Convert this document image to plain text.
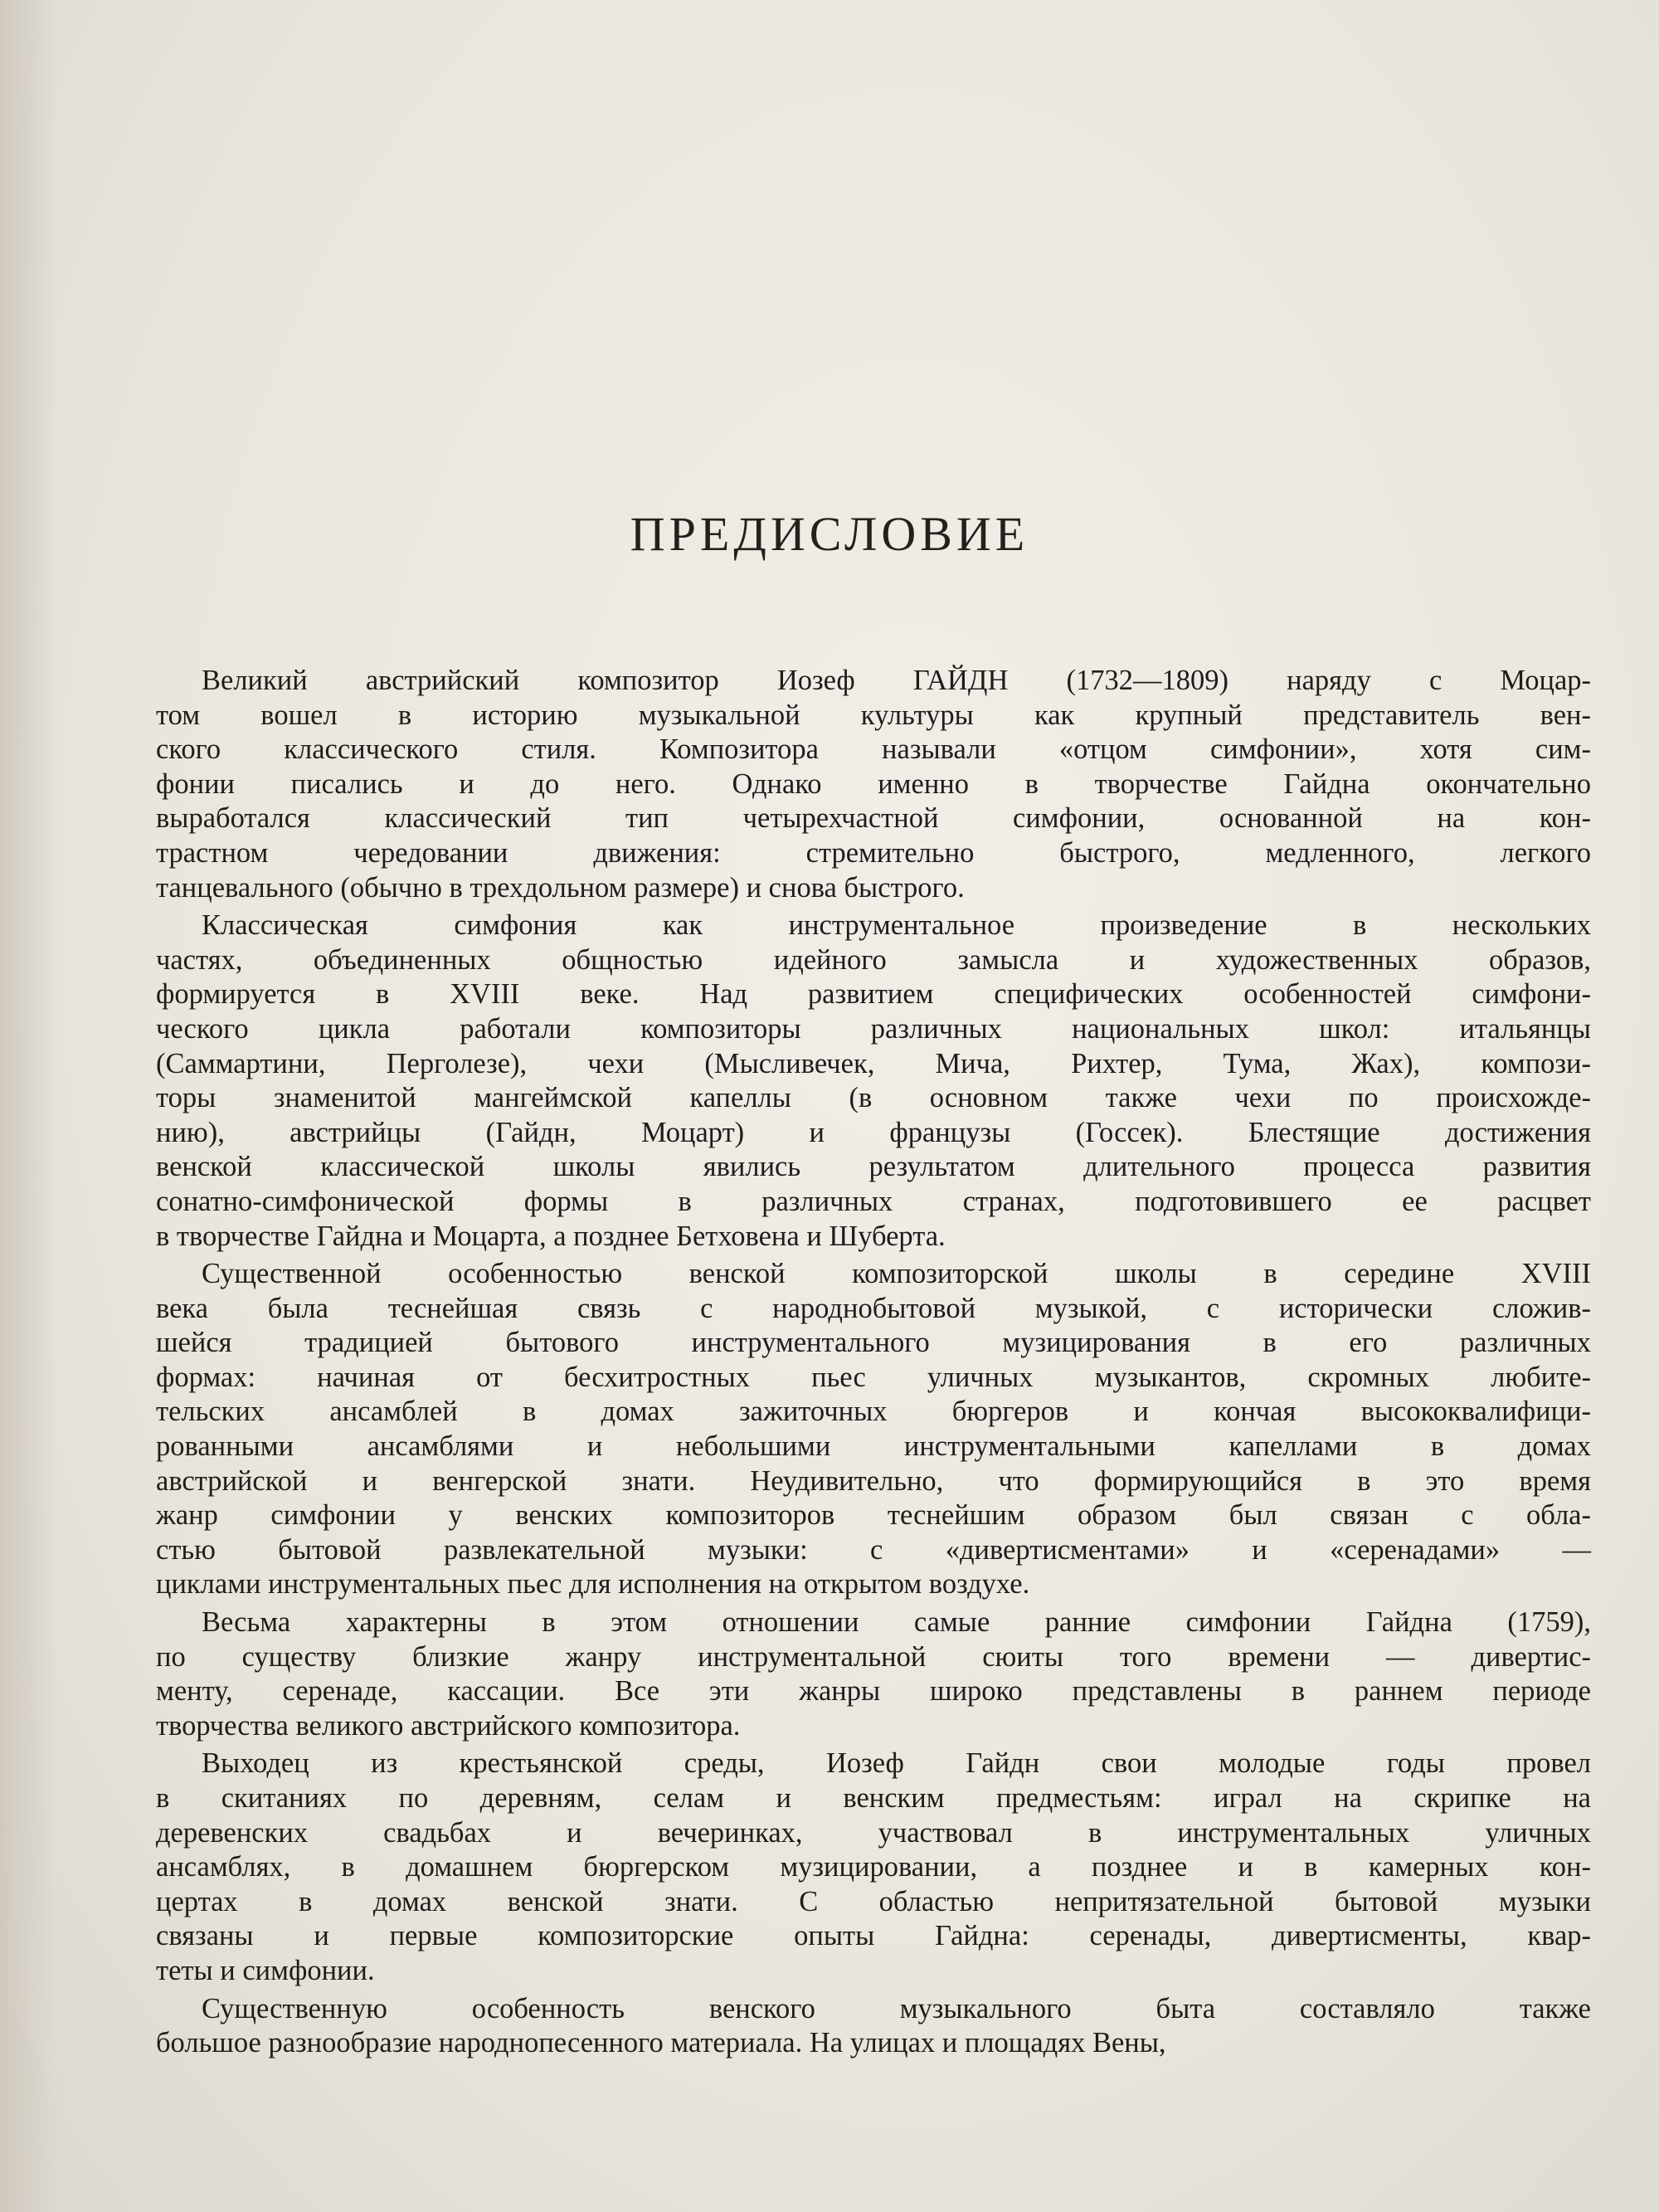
ПРЕДИСЛОВИЕ
Великий австрийский композитор Иозеф ГАЙДН (1732—1809) наряду с Моцар-
том вошел в историю музыкальной культуры как крупный представитель вен-
ского классического стиля. Композитора называли «отцом симфонии», хотя сим-
фонии писались и до него. Однако именно в творчестве Гайдна окончательно
выработался классический тип четырехчастной симфонии, основанной на кон-
трастном чередовании движения: стремительно быстрого, медленного, легкого
танцевального (обычно в трехдольном размере) и снова быстрого.
Классическая симфония как инструментальное произведение в нескольких
частях, объединенных общностью идейного замысла и художественных образов,
формируется в XVIII веке. Над развитием специфических особенностей симфони-
ческого цикла работали композиторы различных национальных школ: итальянцы
(Саммартини, Перголезе), чехи (Мысливечек, Мича, Рихтер, Тума, Жах), компози-
торы знаменитой мангеймской капеллы (в основном также чехи по происхожде-
нию), австрийцы (Гайдн, Моцарт) и французы (Госсек). Блестящие достижения
венской классической школы явились результатом длительного процесса развития
сонатно-симфонической формы в различных странах, подготовившего ее расцвет
в творчестве Гайдна и Моцарта, а позднее Бетховена и Шуберта.
Существенной особенностью венской композиторской школы в середине XVIII
века была теснейшая связь с народнобытовой музыкой, с исторически сложив-
шейся традицией бытового инструментального музицирования в его различных
формах: начиная от бесхитростных пьес уличных музыкантов, скромных любите-
тельских ансамблей в домах зажиточных бюргеров и кончая высококвалифици-
рованными ансамблями и небольшими инструментальными капеллами в домах
австрийской и венгерской знати. Неудивительно, что формирующийся в это время
жанр симфонии у венских композиторов теснейшим образом был связан с обла-
стью бытовой развлекательной музыки: с «дивертисментами» и «серенадами» —
циклами инструментальных пьес для исполнения на открытом воздухе.
Весьма характерны в этом отношении самые ранние симфонии Гайдна (1759),
по существу близкие жанру инструментальной сюиты того времени — дивертис-
менту, серенаде, кассации. Все эти жанры широко представлены в раннем периоде
творчества великого австрийского композитора.
Выходец из крестьянской среды, Иозеф Гайдн свои молодые годы провел
в скитаниях по деревням, селам и венским предместьям: играл на скрипке на
деревенских свадьбах и вечеринках, участвовал в инструментальных уличных
ансамблях, в домашнем бюргерском музицировании, а позднее и в камерных кон-
цертах в домах венской знати. С областью непритязательной бытовой музыки
связаны и первые композиторские опыты Гайдна: серенады, дивертисменты, квар-
теты и симфонии.
Существенную особенность венского музыкального быта составляло также
большое разнообразие народнопесенного материала. На улицах и площадях Вены,
